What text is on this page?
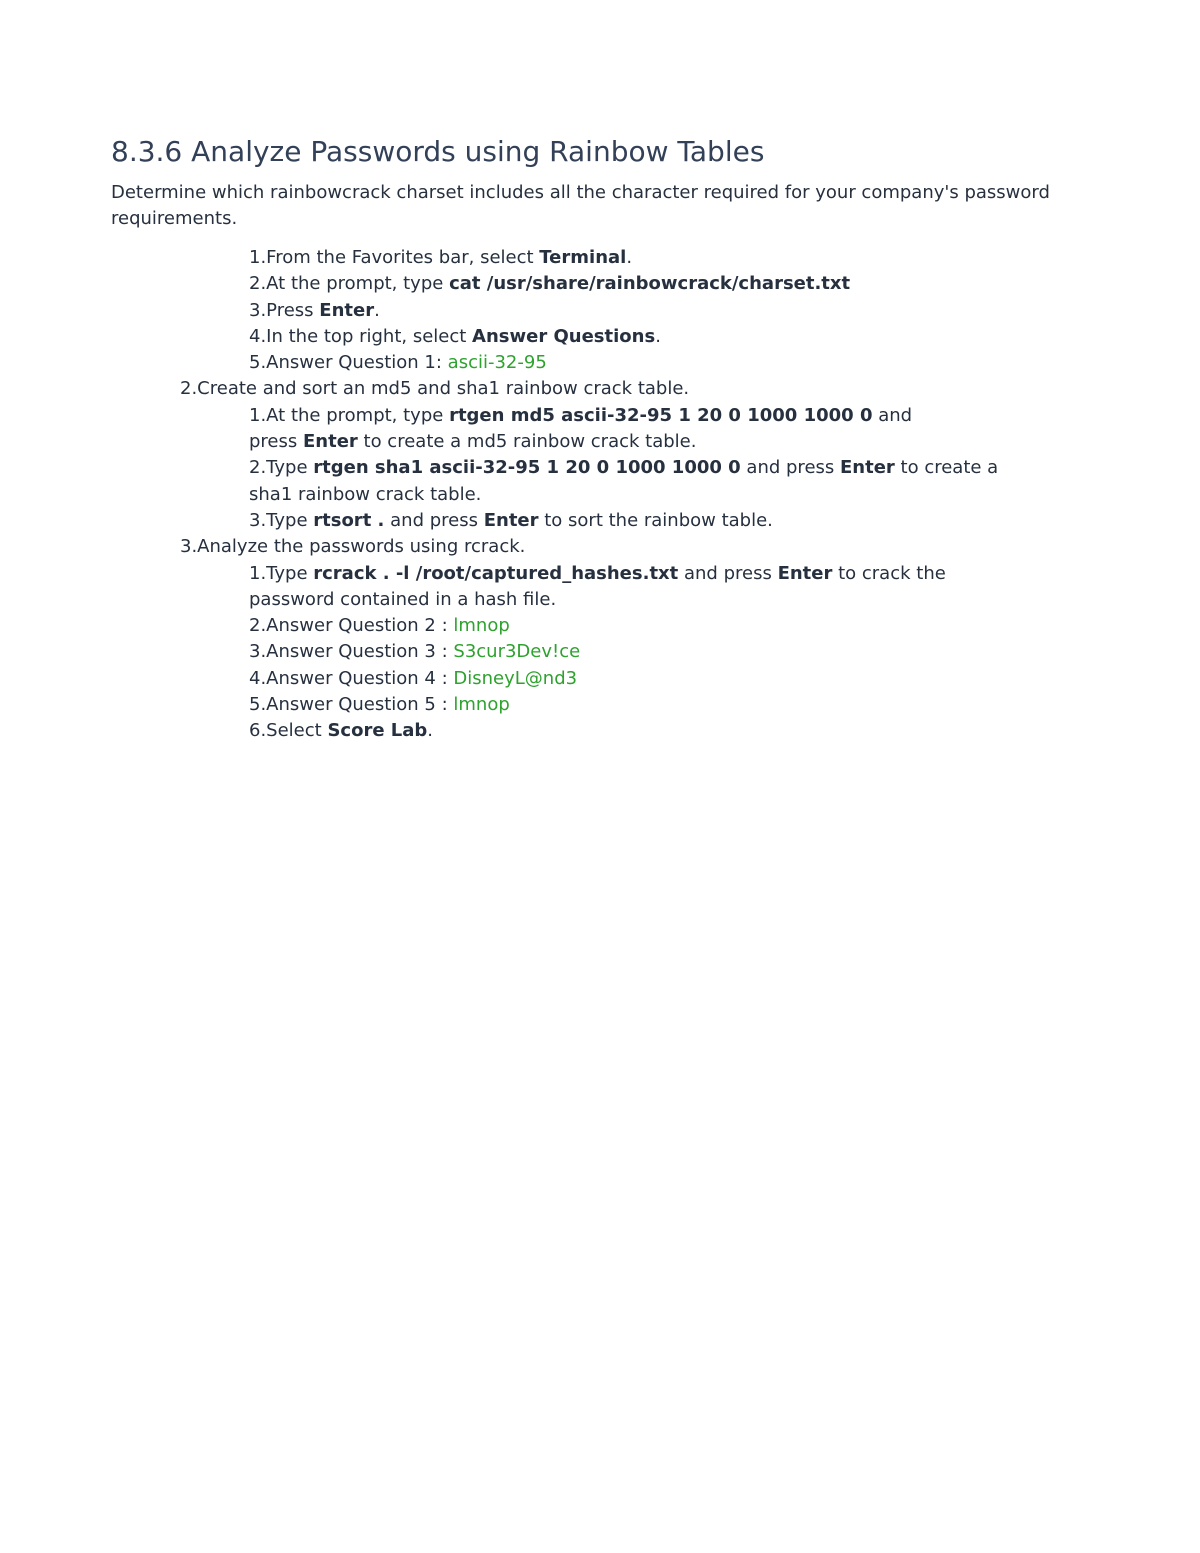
8.3.6 Analyze Passwords using Rainbow Tables

Determine which rainbowcrack charset includes all the character required for your company's password requirements.

1.From the Favorites bar, select Terminal.
2.At the prompt, type cat /usr/share/rainbowcrack/charset.txt
3.Press Enter.
4.In the top right, select Answer Questions.
5.Answer Question 1: ascii-32-95
2.Create and sort an md5 and sha1 rainbow crack table.
1.At the prompt, type rtgen md5 ascii-32-95 1 20 0 1000 1000 0 and
press Enter to create a md5 rainbow crack table.
2.Type rtgen sha1 ascii-32-95 1 20 0 1000 1000 0 and press Enter to create a
sha1 rainbow crack table.
3.Type rtsort . and press Enter to sort the rainbow table.
3.Analyze the passwords using rcrack.
1.Type rcrack . -l /root/captured_hashes.txt and press Enter to crack the
password contained in a hash file.
2.Answer Question 2 : lmnop
3.Answer Question 3 : S3cur3Dev!ce
4.Answer Question 4 : DisneyL@nd3
5.Answer Question 5 : lmnop
6.Select Score Lab.
